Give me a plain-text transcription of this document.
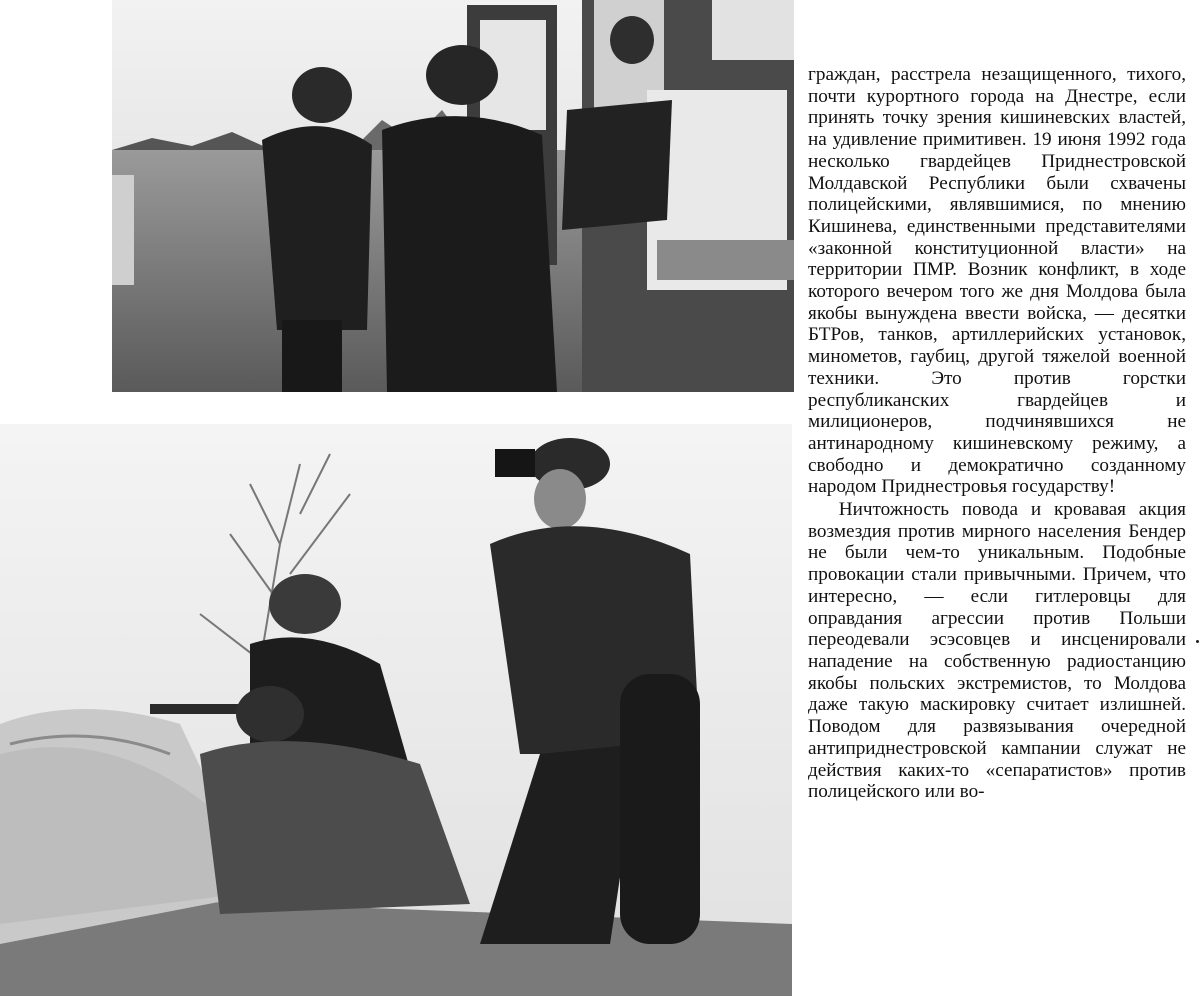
граждан, расстрела незащищенного, тихого, почти курортного города на Днестре, если принять точку зрения кишиневских властей, на удивление примитивен. 19 июня 1992 года несколько гвардейцев Приднестровской Молдавской Республики были схвачены полицейскими, являвшимися, по мнению Кишинева, единственными представителями «законной конституционной власти» на территории ПМР. Возник конфликт, в ходе которого вечером того же дня Молдова была якобы вынуждена ввести войска, — десятки БТРов, танков, артиллерийских установок, минометов, гаубиц, другой тяжелой военной техники. Это против горстки республиканских гвардейцев и милиционеров, подчинявшихся не антинародному кишиневскому режиму, а свободно и демократично созданному народом Приднестровья государству!

Ничтожность повода и кровавая акция возмездия против мирного населения Бендер не были чем-то уникальным. Подобные провокации стали привычными. Причем, что интересно, — если гитлеровцы для оправдания агрессии против Польши переодевали эсэсовцев и инсценировали нападение на собственную радиостанцию якобы польских экстремистов, то Молдова даже такую маскировку считает излишней. Поводом для развязывания очередной антиприднестровской кампании служат не действия каких-то «сепаратистов» против полицейского или во-
